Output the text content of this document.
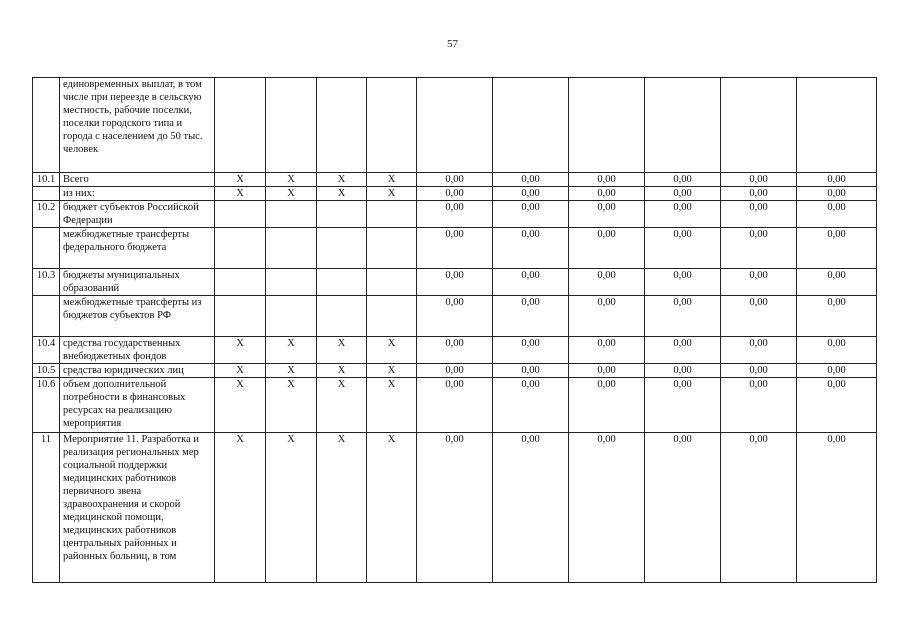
57
	единовременных выплат, в том числе при переезде в сельскую местность, рабочие поселки, поселки городского типа и города с населением до 50 тыс. человек										
10.1	Всего	Х	Х	Х	Х	0,00	0,00	0,00	0,00	0,00	0,00
	из них:	Х	Х	Х	Х	0,00	0,00	0,00	0,00	0,00	0,00
10.2	бюджет субъектов Российской Федерации					0,00	0,00	0,00	0,00	0,00	0,00
	межбюджетные трансферты федерального бюджета					0,00	0,00	0,00	0,00	0,00	0,00
10.3	бюджеты муниципальных образований					0,00	0,00	0,00	0,00	0,00	0,00
	межбюджетные трансферты из бюджетов субъектов РФ					0,00	0,00	0,00	0,00	0,00	0,00
10.4	средства государственных внебюджетных фондов	Х	Х	Х	Х	0,00	0,00	0,00	0,00	0,00	0,00
10.5	средства юридических лиц	Х	Х	Х	Х	0,00	0,00	0,00	0,00	0,00	0,00
10.6	объем дополнительной потребности в финансовых ресурсах на реализацию мероприятия	Х	Х	Х	Х	0,00	0,00	0,00	0,00	0,00	0,00
11	Мероприятие 11. Разработка и реализация региональных мер социальной поддержки медицинских работников первичного звена здравоохранения и скорой медицинской помощи, медицинских работников центральных районных и районных больниц, в том	Х	Х	Х	Х	0,00	0,00	0,00	0,00	0,00	0,00
